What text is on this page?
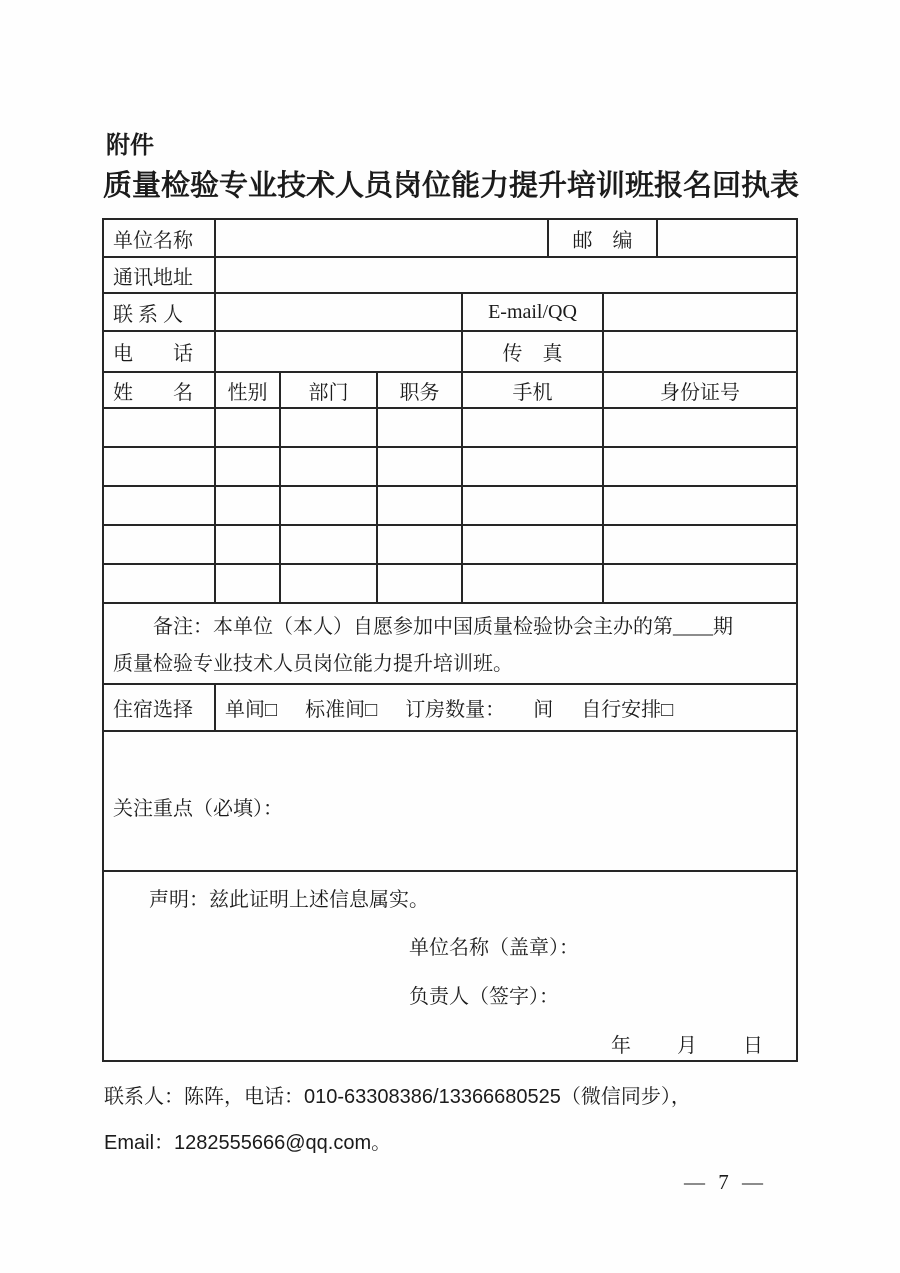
附件
质量检验专业技术人员岗位能力提升培训班报名回执表
单位名称					邮　编		
通讯地址							
联 系 人				E-mail/QQ			
电　　话				传　真			
姓　　名	性别	部门	职务	手机		身份证号	

备注：本单位（本人）自愿参加中国质量检验协会主办的第____期
质量检验专业技术人员岗位能力提升培训班。							

住宿选择	单间□ 标准间□ 订房数量： 间 自行安排□						

关注重点（必填）：							

声明：兹此证明上述信息属实。
单位名称（盖章）：
负责人（签字）：
年　　月　　日							
联系人：陈阵，电话：010-63308386/13366680525（微信同步），
Email：1282555666@qq.com。
— 7 —
